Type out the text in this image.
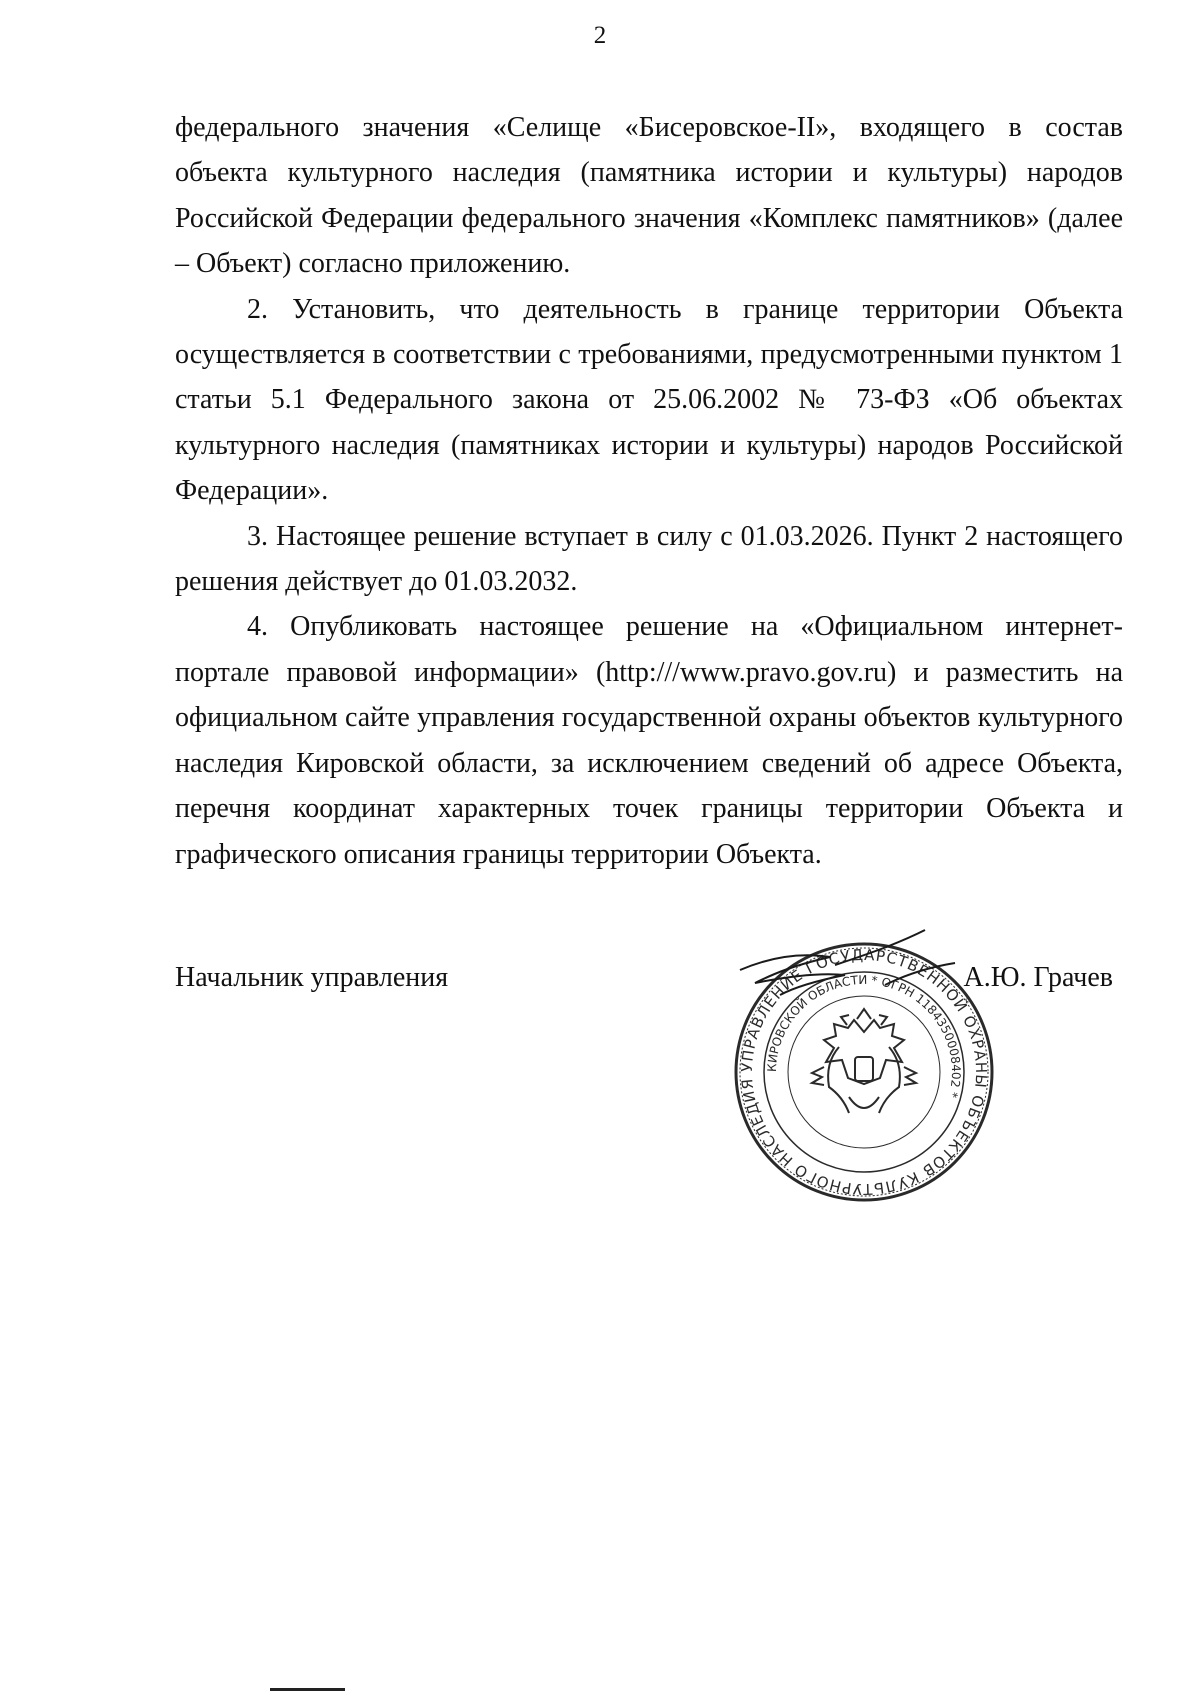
2

федерального значения «Селище «Бисеровское-II», входящего в состав объекта культурного наследия (памятника истории и культуры) народов Российской Федерации федерального значения «Комплекс памятников» (далее – Объект) согласно приложению.

2. Установить, что деятельность в границе территории Объекта осуществляется в соответствии с требованиями, предусмотренными пунктом 1 статьи 5.1 Федерального закона от 25.06.2002 № 73-ФЗ «Об объектах культурного наследия (памятниках истории и культуры) народов Российской Федерации».

3. Настоящее решение вступает в силу с 01.03.2026. Пункт 2 настоящего решения действует до 01.03.2032.

4. Опубликовать настоящее решение на «Официальном интернет-портале правовой информации» (http:///www.pravo.gov.ru) и разместить на официальном сайте управления государственной охраны объектов культурного наследия Кировской области, за исключением сведений об адресе Объекта, перечня координат характерных точек границы территории Объекта и графического описания границы территории Объекта.

Начальник управления
УПРАВЛЕНИЕ ГОСУДАРСТВЕННОЙ ОХРАНЫ ОБЪЕКТОВ КУЛЬТУРНОГО НАСЛЕДИЯ
КИРОВСКОЙ ОБЛАСТИ * ОГРН 1184350008402 *
А.Ю. Грачев
